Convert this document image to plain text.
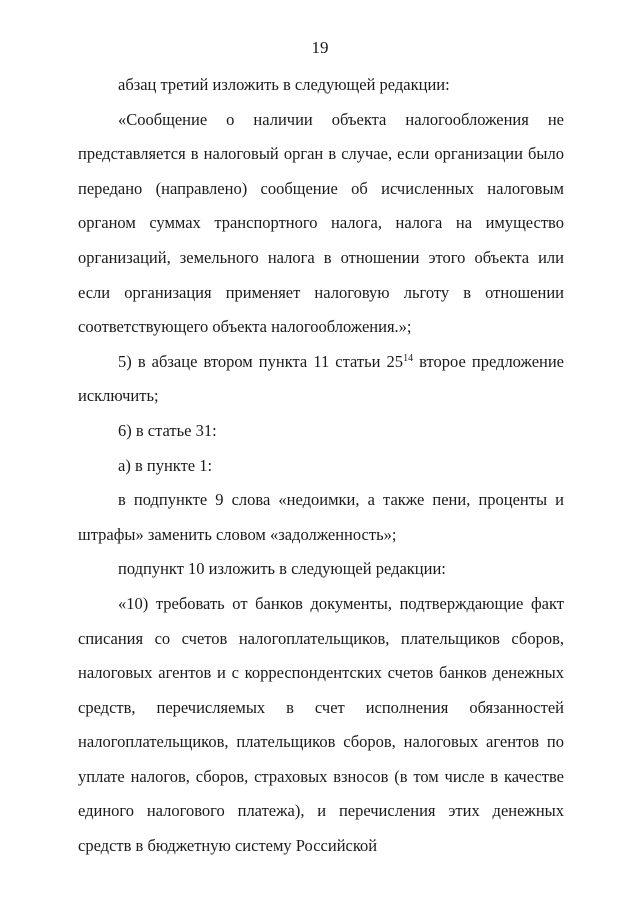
19

абзац третий изложить в следующей редакции:

«Сообщение о наличии объекта налогообложения не представляется в налоговый орган в случае, если организации было передано (направлено) сообщение об исчисленных налоговым органом суммах транспортного налога, налога на имущество организаций, земельного налога в отношении этого объекта или если организация применяет налоговую льготу в отношении соответствующего объекта налогообложения.»;

5) в абзаце втором пункта 11 статьи $25^{14}$ второе предложение исключить;

6) в статье 31:

а) в пункте 1:

в подпункте 9 слова «недоимки, а также пени, проценты и штрафы» заменить словом «задолженность»;

подпункт 10 изложить в следующей редакции:

«10) требовать от банков документы, подтверждающие факт списания со счетов налогоплательщиков, плательщиков сборов, налоговых агентов и с корреспондентских счетов банков денежных средств, перечисляемых в счет исполнения обязанностей налогоплательщиков, плательщиков сборов, налоговых агентов по уплате налогов, сборов, страховых взносов (в том числе в качестве единого налогового платежа), и перечисления этих денежных средств в бюджетную систему Российской
